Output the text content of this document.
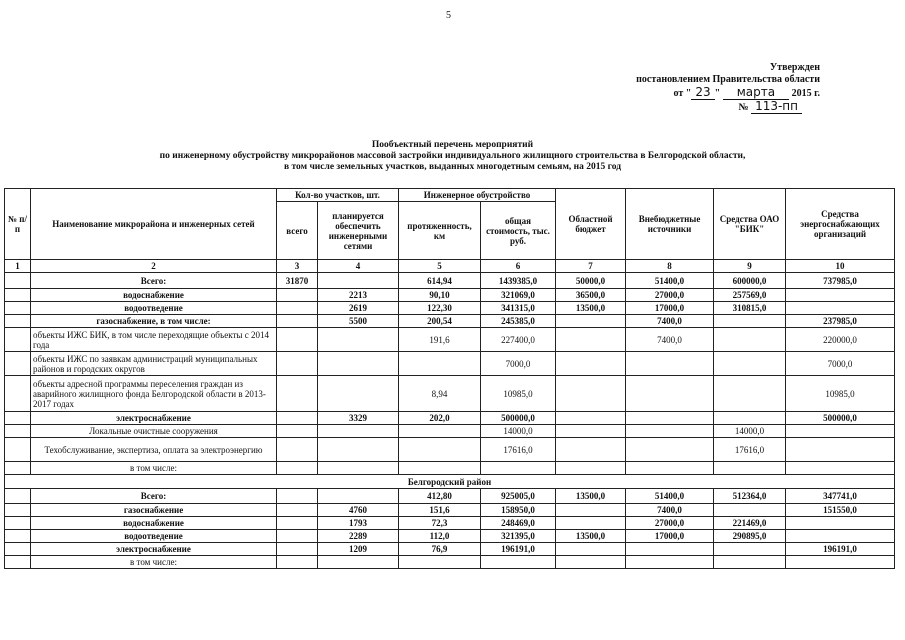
5
Утвержден
постановлением Правительства области
от " 23 " марта 2015 г.
№ 113-пп
Пообъектный перечень мероприятий
по инженерному обустройству микрорайонов массовой застройки индивидуального жилищного строительства в Белгородской области,
в том числе земельных участков, выданных многодетным семьям, на 2015 год
№ п/п	Наименование микрорайона и инженерных сетей	Кол-во участков, шт.		Инженерное обустройство		Областной бюджет	Внебюджетные источники	Средства ОАО "БИК"	Средства энергоснабжающих организаций
		всего	планируется обеспечить инженерными сетями	протяженность, км	общая стоимость, тыс. руб.				
1	2	3	4	5	6	7	8	9	10
	Всего:	31870		614,94	1439385,0	50000,0	51400,0	600000,0	737985,0
	водоснабжение		2213	90,10	321069,0	36500,0	27000,0	257569,0	
	водоотведение		2619	122,30	341315,0	13500,0	17000,0	310815,0	
	газоснабжение, в том числе:		5500	200,54	245385,0		7400,0		237985,0
	объекты ИЖС БИК, в том числе переходящие объекты с 2014 года			191,6	227400,0		7400,0		220000,0
	объекты ИЖС по заявкам администраций муниципальных районов и городских округов				7000,0				7000,0
	объекты адресной программы переселения граждан из аварийного жилищного фонда Белгородской области в 2013-2017 годах			8,94	10985,0				10985,0
	электроснабжение		3329	202,0	500000,0				500000,0
	Локальные очистные сооружения				14000,0			14000,0	
	Техобслуживание, экспертиза, оплата за электроэнергию				17616,0			17616,0	
	в том числе:								
Белгородский район									
	Всего:			412,80	925005,0	13500,0	51400,0	512364,0	347741,0
	газоснабжение		4760	151,6	158950,0		7400,0		151550,0
	водоснабжение		1793	72,3	248469,0		27000,0	221469,0	
	водоотведение		2289	112,0	321395,0	13500,0	17000,0	290895,0	
	электроснабжение		1209	76,9	196191,0				196191,0
	в том числе:								
